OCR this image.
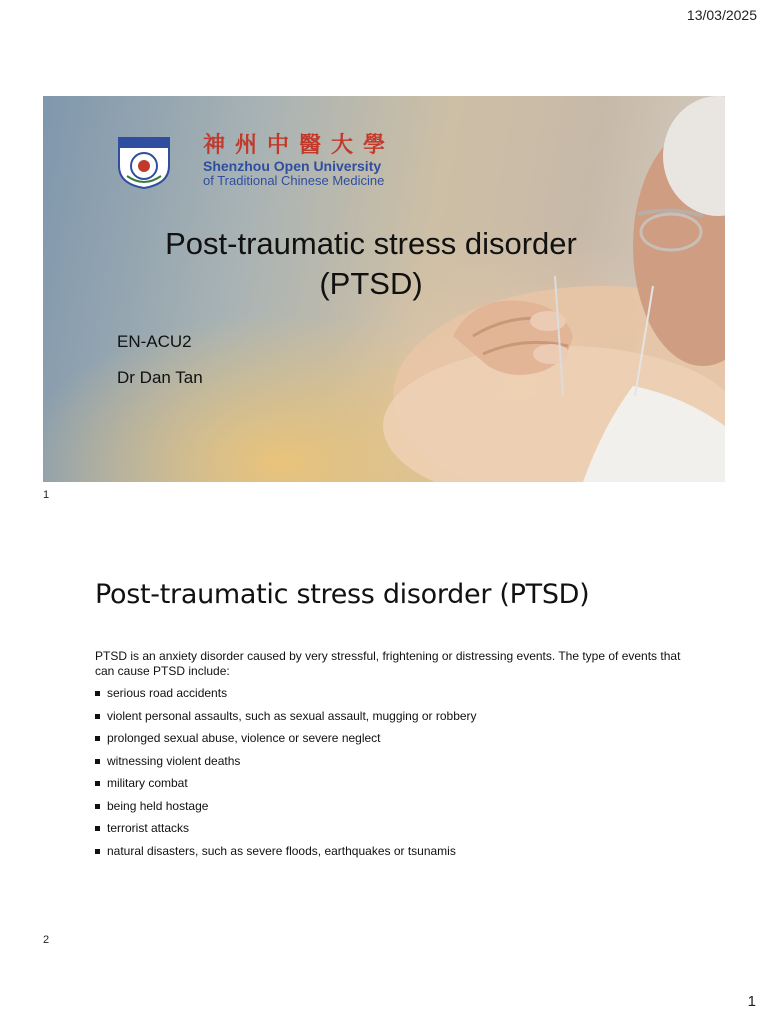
13/03/2025
神州中醫大學
Shenzhou Open University
of Traditional Chinese Medicine
Post-traumatic stress disorder
(PTSD)
EN-ACU2
Dr Dan Tan
1
Post-traumatic stress disorder (PTSD)
PTSD is an anxiety disorder caused by very stressful, frightening or distressing events. The type of events that can cause PTSD include:
serious road accidents
violent personal assaults, such as sexual assault, mugging or robbery
prolonged sexual abuse, violence or severe neglect
witnessing violent deaths
military combat
being held hostage
terrorist attacks
natural disasters, such as severe floods, earthquakes or tsunamis
2
1
